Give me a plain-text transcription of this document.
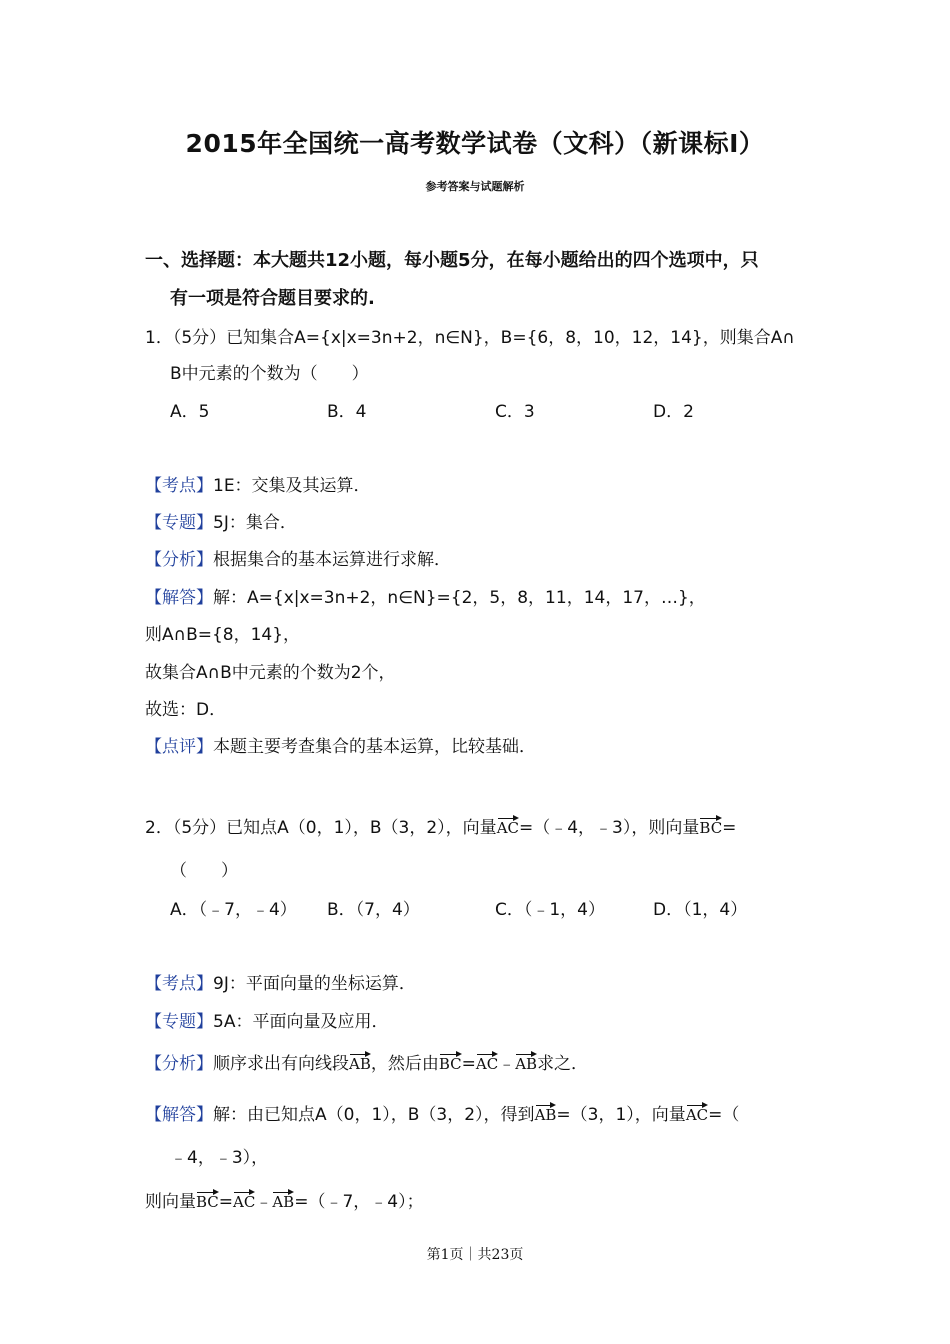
2015年全国统一高考数学试卷（文科）（新课标Ⅰ）
参考答案与试题解析
一、选择题：本大题共12小题，每小题5分，在每小题给出的四个选项中，只
有一项是符合题目要求的.
1．（5分）已知集合A={x|x=3n+2，n∈N}，B={6，8，10，12，14}，则集合A∩
B中元素的个数为（　　）
A．5	B．4	C．3	D．2
【考点】1E：交集及其运算．
【专题】5J：集合．
【分析】根据集合的基本运算进行求解．
【解答】解：A={x|x=3n+2，n∈N}={2，5，8，11，14，17，…}，
则A∩B={8，14}，
故集合A∩B中元素的个数为2个，
故选：D．
【点评】本题主要考查集合的基本运算，比较基础．
2．（5分）已知点A（0，1），B（3，2），向量AC=（﹣4，﹣3），则向量BC=
（　　）
A．（﹣7，﹣4） B．（7，4）	C．（﹣1，4）	D．（1，4）
【考点】9J：平面向量的坐标运算．
【专题】5A：平面向量及应用．
【分析】顺序求出有向线段AB，然后由BC=AC﹣AB求之．
【解答】解：由已知点A（0，1），B（3，2），得到AB=（3，1），向量AC=（
﹣4，﹣3），
则向量BC=AC﹣AB=（﹣7，﹣4）；
第1页｜共23页
